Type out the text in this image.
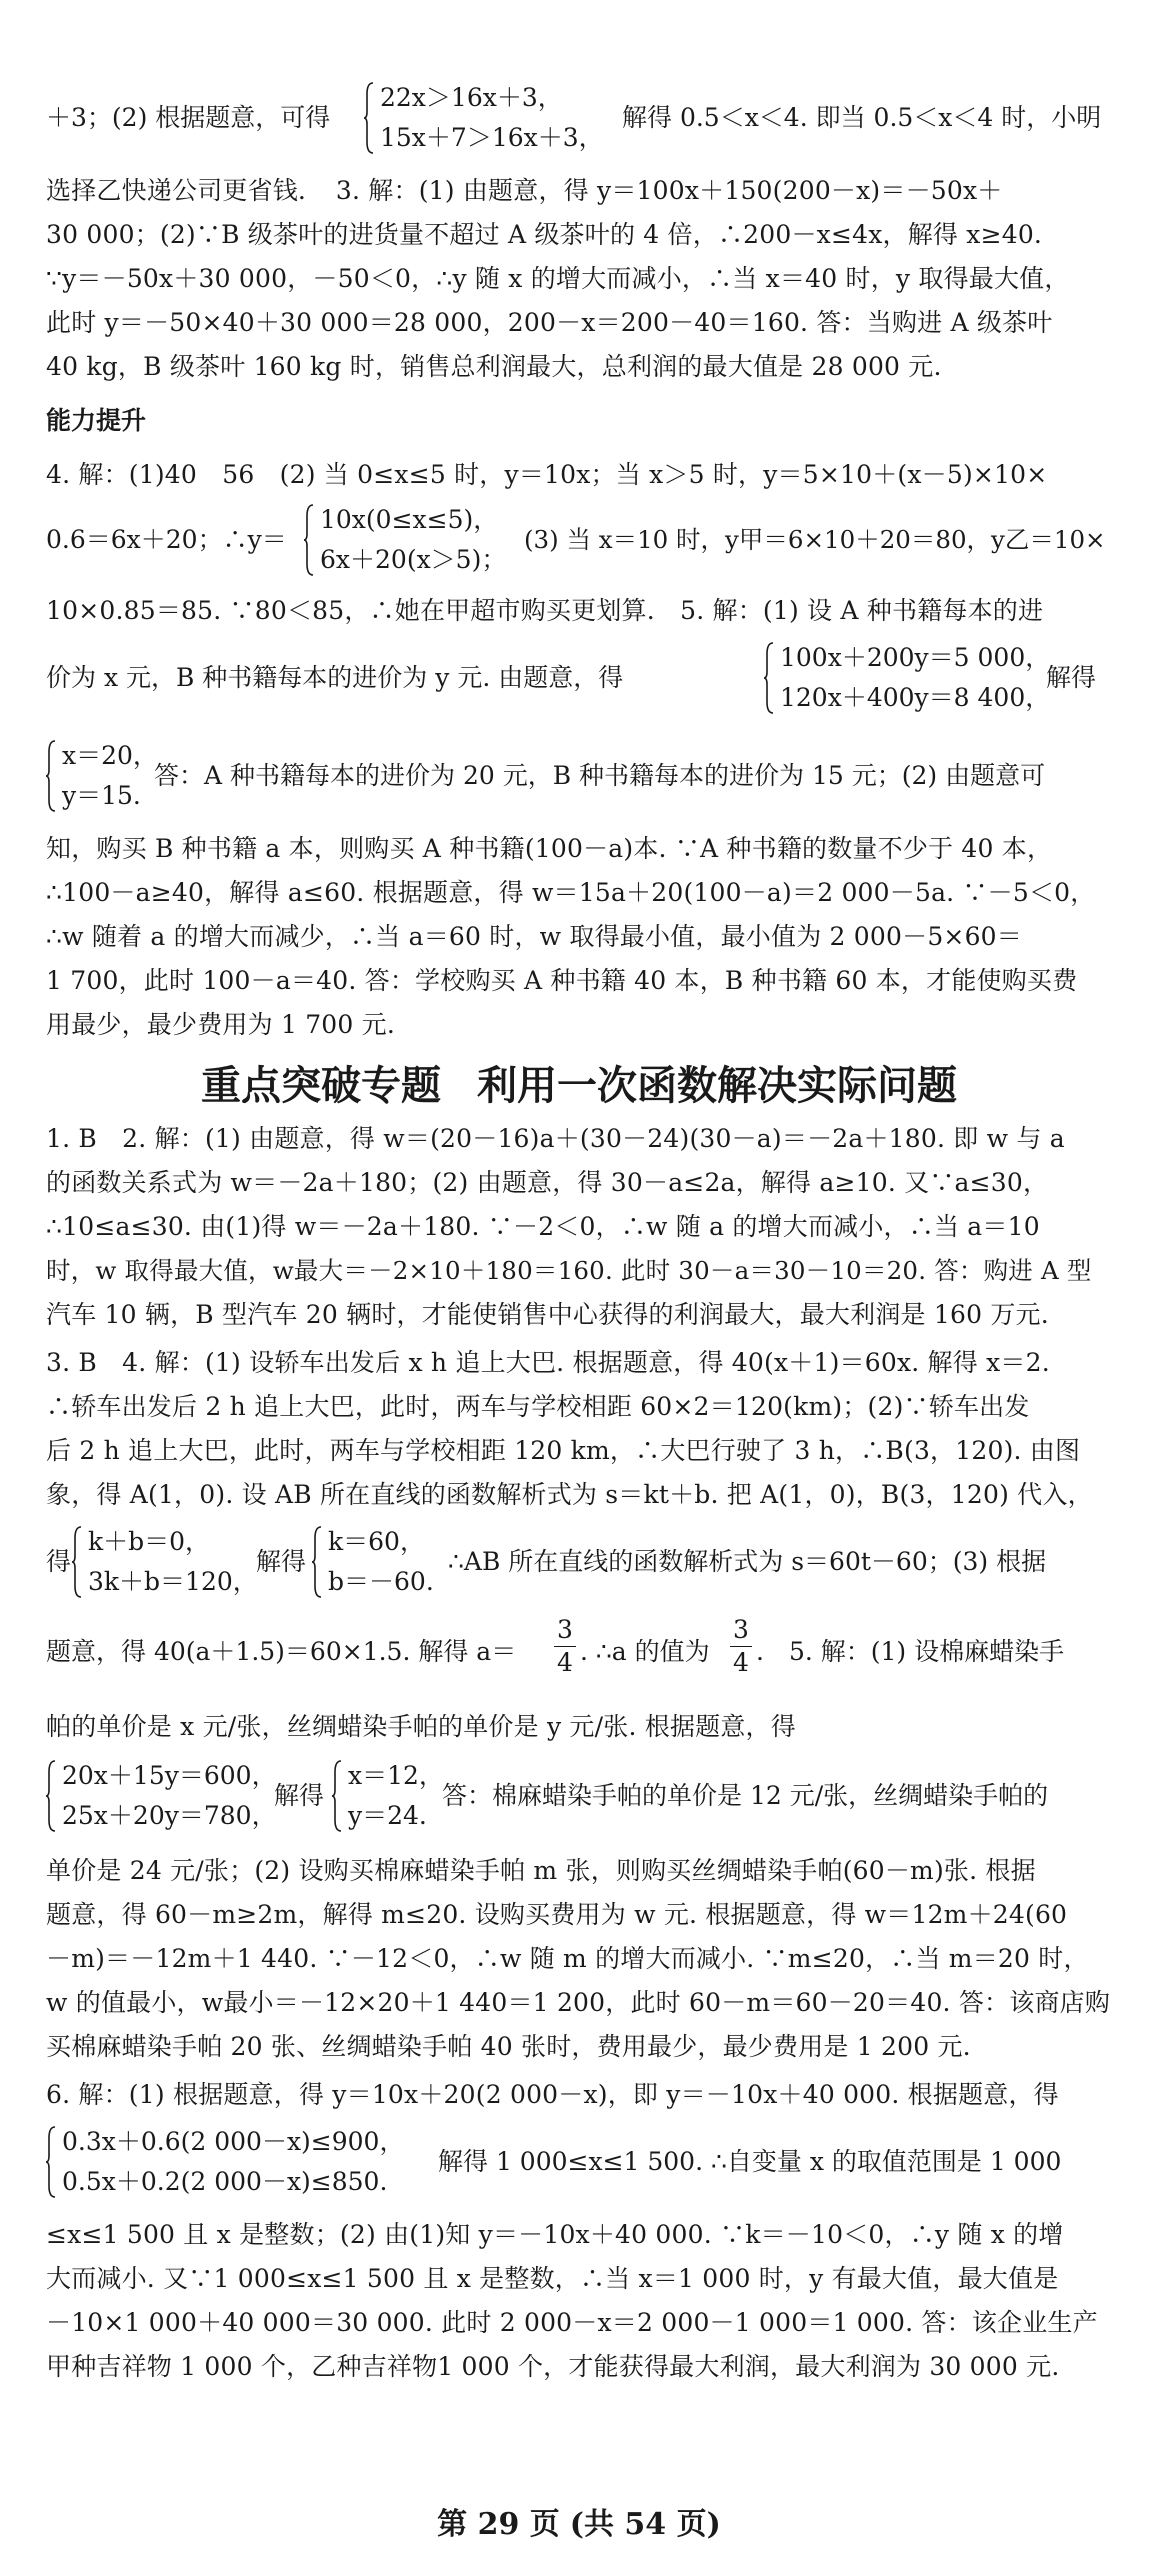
＋3；(2) 根据题意，可得
22x＞16x＋3，
15x＋7＞16x＋3，
解得 0.5＜x＜4. 即当 0.5＜x＜4 时，小明
选择乙快递公司更省钱．　3. 解：(1) 由题意，得 y＝100x＋150(200－x)＝－50x＋
30 000；(2)∵B 级茶叶的进货量不超过 A 级茶叶的 4 倍，∴200－x≤4x，解得 x≥40.
∵y＝－50x＋30 000，－50＜0，∴y 随 x 的增大而减小，∴当 x＝40 时，y 取得最大值，
此时 y＝－50×40＋30 000＝28 000，200－x＝200－40＝160. 答：当购进 A 级茶叶
40 kg，B 级茶叶 160 kg 时，销售总利润最大，总利润的最大值是 28 000 元.
能力提升
4. 解：(1)40　56　(2) 当 0≤x≤5 时，y＝10x；当 x＞5 时，y＝5×10＋(x－5)×10×
0.6＝6x＋20；∴y＝
10x(0≤x≤5)，
6x＋20(x＞5)；
(3) 当 x＝10 时，y甲＝6×10＋20＝80，y乙＝10×
10×0.85＝85. ∵80＜85，∴她在甲超市购买更划算.　5. 解：(1) 设 A 种书籍每本的进
价为 x 元，B 种书籍每本的进价为 y 元. 由题意，得
100x＋200y＝5 000，
120x＋400y＝8 400，
解得
x＝20，
y＝15.
答：A 种书籍每本的进价为 20 元，B 种书籍每本的进价为 15 元；(2) 由题意可
知，购买 B 种书籍 a 本，则购买 A 种书籍(100－a)本. ∵A 种书籍的数量不少于 40 本，
∴100－a≥40，解得 a≤60. 根据题意，得 w＝15a＋20(100－a)＝2 000－5a. ∵－5＜0，
∴w 随着 a 的增大而减少，∴当 a＝60 时，w 取得最小值，最小值为 2 000－5×60＝
1 700，此时 100－a＝40. 答：学校购买 A 种书籍 40 本，B 种书籍 60 本，才能使购买费
用最少，最少费用为 1 700 元.
重点突破专题 利用一次函数解决实际问题
1. B　2. 解：(1) 由题意，得 w＝(20－16)a＋(30－24)(30－a)＝－2a＋180. 即 w 与 a
的函数关系式为 w＝－2a＋180；(2) 由题意，得 30－a≤2a，解得 a≥10. 又∵a≤30，
∴10≤a≤30. 由(1)得 w＝－2a＋180. ∵－2＜0，∴w 随 a 的增大而减小，∴当 a＝10
时，w 取得最大值，w最大＝－2×10＋180＝160. 此时 30－a＝30－10＝20. 答：购进 A 型
汽车 10 辆，B 型汽车 20 辆时，才能使销售中心获得的利润最大，最大利润是 160 万元.
3. B　4. 解：(1) 设轿车出发后 x h 追上大巴. 根据题意，得 40(x＋1)＝60x. 解得 x＝2.
∴轿车出发后 2 h 追上大巴，此时，两车与学校相距 60×2＝120(km)；(2)∵轿车出发
后 2 h 追上大巴，此时，两车与学校相距 120 km，∴大巴行驶了 3 h，∴B(3，120). 由图
象，得 A(1，0). 设 AB 所在直线的函数解析式为 s＝kt＋b. 把 A(1，0)，B(3，120) 代入，
得
k＋b＝0，
3k＋b＝120，
解得
k＝60，
b＝－60.
∴AB 所在直线的函数解析式为 s＝60t－60；(3) 根据
题意，得 40(a＋1.5)＝60×1.5. 解得 $a= \frac{3}{4}$ . ∴a 的值为 $\frac{3}{4}$ .　5. 解：(1) 设棉麻蜡染手
帕的单价是 x 元/张，丝绸蜡染手帕的单价是 y 元/张. 根据题意，得
20x＋15y＝600，
25x＋20y＝780，
解得
x＝12，
y＝24.
答：棉麻蜡染手帕的单价是 12 元/张，丝绸蜡染手帕的
单价是 24 元/张；(2) 设购买棉麻蜡染手帕 m 张，则购买丝绸蜡染手帕(60－m)张. 根据
题意，得 60－m≥2m，解得 m≤20. 设购买费用为 w 元. 根据题意，得 w＝12m＋24(60
－m)＝－12m＋1 440. ∵－12＜0，∴w 随 m 的增大而减小. ∵m≤20，∴当 m＝20 时，
w 的值最小，w最小＝－12×20＋1 440＝1 200，此时 60－m＝60－20＝40. 答：该商店购
买棉麻蜡染手帕 20 张、丝绸蜡染手帕 40 张时，费用最少，最少费用是 1 200 元.
6. 解：(1) 根据题意，得 y＝10x＋20(2 000－x)，即 y＝－10x＋40 000. 根据题意，得
0.3x＋0.6(2 000－x)≤900，
0.5x＋0.2(2 000－x)≤850.
解得 1 000≤x≤1 500. ∴自变量 x 的取值范围是 1 000
≤x≤1 500 且 x 是整数；(2) 由(1)知 y＝－10x＋40 000. ∵k＝－10＜0，∴y 随 x 的增
大而减小. 又∵1 000≤x≤1 500 且 x 是整数，∴当 x＝1 000 时，y 有最大值，最大值是
－10×1 000＋40 000＝30 000. 此时 2 000－x＝2 000－1 000＝1 000. 答：该企业生产
甲种吉祥物 1 000 个，乙种吉祥物1 000 个，才能获得最大利润，最大利润为 30 000 元.
第 29 页 (共 54 页)
